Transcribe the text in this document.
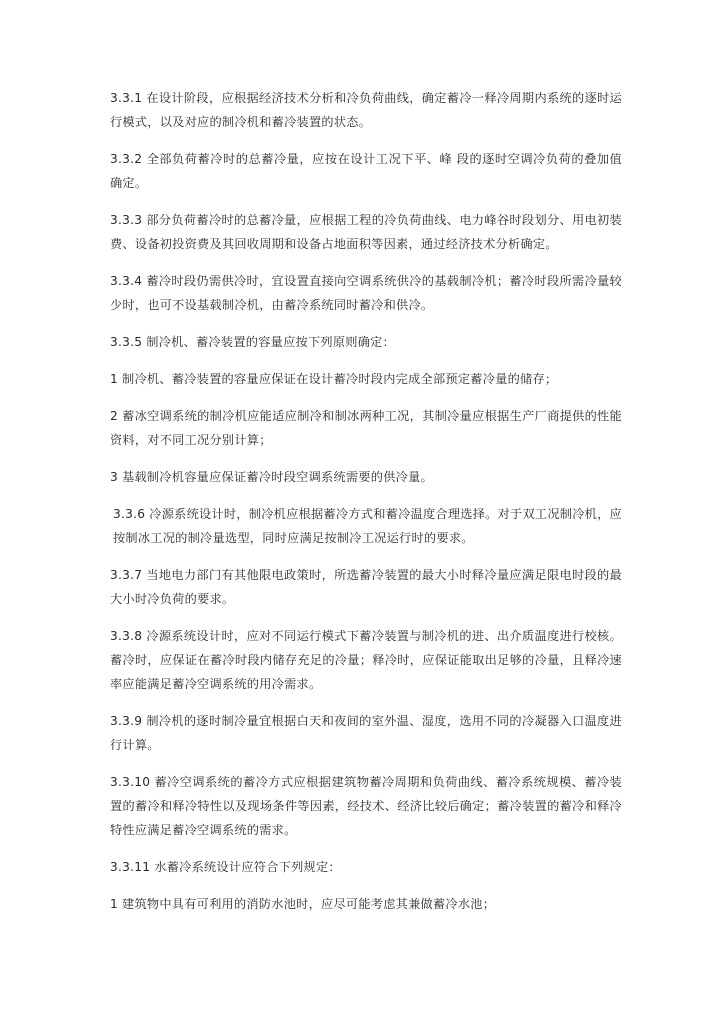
3.3.1 在设计阶段，应根据经济技术分析和冷负荷曲线，确定蓄冷一释冷周期内系统的逐时运行模式，以及对应的制冷机和蓄冷装置的状态。

3.3.2 全部负荷蓄冷时的总蓄冷量，应按在设计工况下平、峰 段的逐时空调冷负荷的叠加值确定。

3.3.3 部分负荷蓄冷时的总蓄冷量，应根据工程的冷负荷曲线、电力峰谷时段划分、用电初装费、设备初投资费及其回收周期和设备占地面积等因素，通过经济技术分析确定。

3.3.4 蓄冷时段仍需供冷时，宜设置直接向空调系统供冷的基载制冷机；蓄冷时段所需冷量较少时，也可不设基载制冷机，由蓄冷系统同时蓄冷和供冷。

3.3.5 制冷机、蓄冷装置的容量应按下列原则确定：

1 制冷机、蓄冷装置的容量应保证在设计蓄冷时段内完成全部预定蓄冷量的储存；

2 蓄冰空调系统的制冷机应能适应制冷和制冰两种工况，其制冷量应根据生产厂商提供的性能资料，对不同工况分别计算；

3 基载制冷机容量应保证蓄冷时段空调系统需要的供冷量。

3.3.6 冷源系统设计时，制冷机应根据蓄冷方式和蓄冷温度合理选择。对于双工况制冷机，应按制冰工况的制冷量选型，同时应满足按制冷工况运行时的要求。

3.3.7 当地电力部门有其他限电政策时，所选蓄冷装置的最大小时释冷量应满足限电时段的最大小时冷负荷的要求。

3.3.8 冷源系统设计时，应对不同运行模式下蓄冷装置与制冷机的进、出介质温度进行校核。蓄冷时，应保证在蓄冷时段内储存充足的冷量；释冷时，应保证能取出足够的冷量，且释冷速率应能满足蓄冷空调系统的用冷需求。

3.3.9 制冷机的逐时制冷量宜根据白天和夜间的室外温、湿度，选用不同的冷凝器入口温度进行计算。

3.3.10 蓄冷空调系统的蓄冷方式应根据建筑物蓄冷周期和负荷曲线、蓄冷系统规模、蓄冷装置的蓄冷和释冷特性以及现场条件等因素，经技术、经济比较后确定；蓄冷装置的蓄冷和释冷特性应满足蓄冷空调系统的需求。

3.3.11 水蓄冷系统设计应符合下列规定：

1 建筑物中具有可利用的消防水池时，应尽可能考虑其兼做蓄冷水池；
